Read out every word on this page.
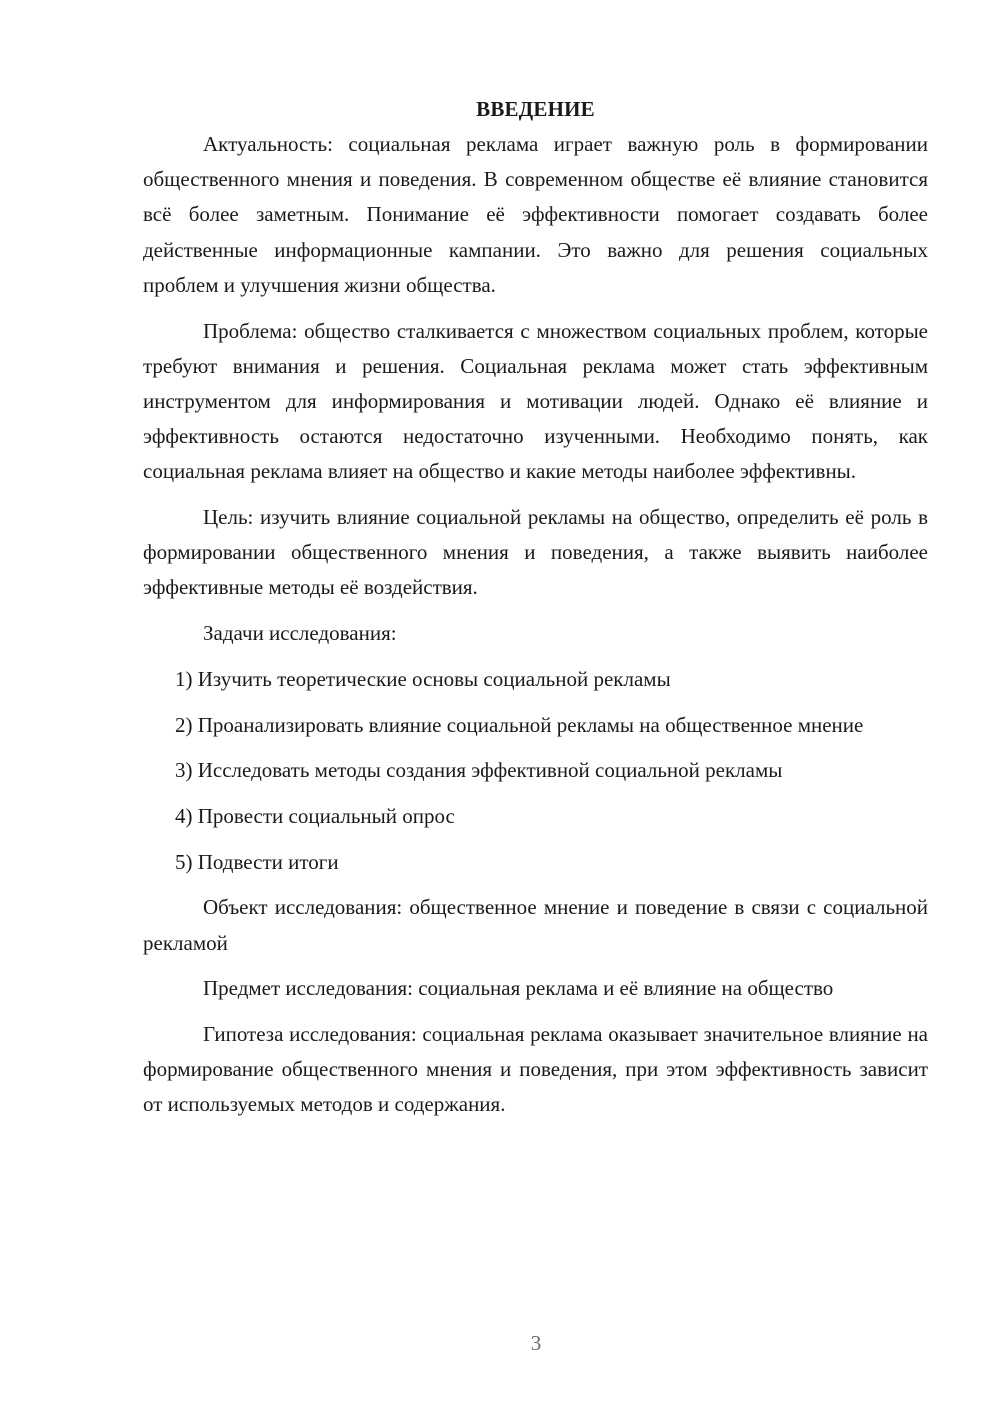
ВВЕДЕНИЕ

Актуальность: социальная реклама играет важную роль в формировании общественного мнения и поведения. В современном обществе её влияние становится всё более заметным. Понимание её эффективности помогает создавать более действенные информационные кампании. Это важно для решения социальных проблем и улучшения жизни общества.

Проблема: общество сталкивается с множеством социальных проблем, которые требуют внимания и решения. Социальная реклама может стать эффективным инструментом для информирования и мотивации людей. Однако её влияние и эффективность остаются недостаточно изученными. Необходимо понять, как социальная реклама влияет на общество и какие методы наиболее эффективны.

Цель: изучить влияние социальной рекламы на общество, определить её роль в формировании общественного мнения и поведения, а также выявить наиболее эффективные методы её воздействия.

Задачи исследования:

1) Изучить теоретические основы социальной рекламы

2) Проанализировать влияние социальной рекламы на общественное мнение

3) Исследовать методы создания эффективной социальной рекламы

4) Провести социальный опрос

5) Подвести итоги

Объект исследования: общественное мнение и поведение в связи с социальной рекламой

Предмет исследования: социальная реклама и её влияние на общество

Гипотеза исследования: социальная реклама оказывает значительное влияние на формирование общественного мнения и поведения, при этом эффективность зависит от используемых методов и содержания.

3
